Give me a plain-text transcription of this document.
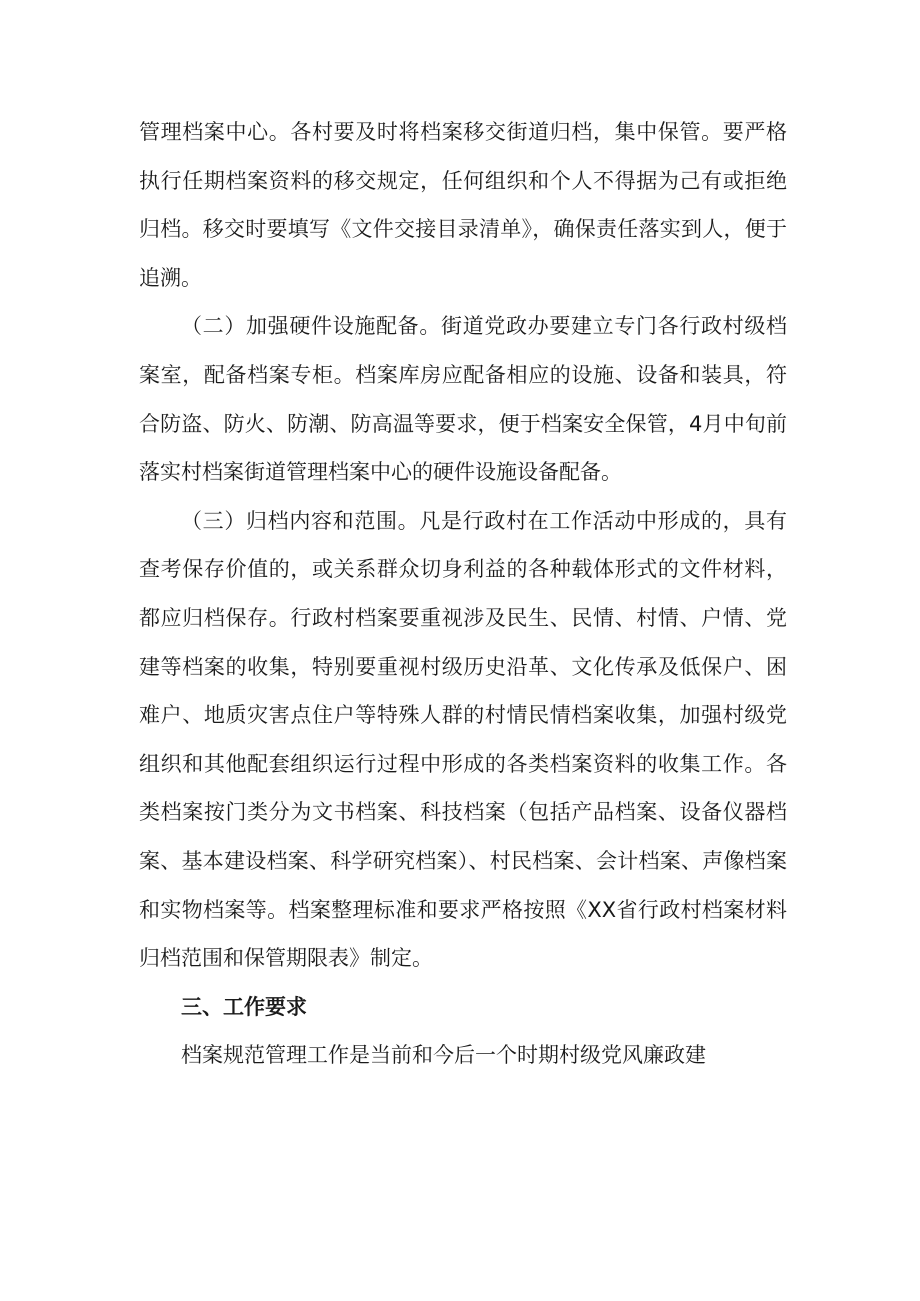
管理档案中心。各村要及时将档案移交街道归档，集中保管。要严格执行任期档案资料的移交规定，任何组织和个人不得据为己有或拒绝归档。移交时要填写《文件交接目录清单》，确保责任落实到人，便于追溯。

（二）加强硬件设施配备。街道党政办要建立专门各行政村级档案室，配备档案专柜。档案库房应配备相应的设施、设备和装具，符合防盗、防火、防潮、防高温等要求，便于档案安全保管，4月中旬前落实村档案街道管理档案中心的硬件设施设备配备。

（三）归档内容和范围。凡是行政村在工作活动中形成的，具有查考保存价值的，或关系群众切身利益的各种载体形式的文件材料，都应归档保存。行政村档案要重视涉及民生、民情、村情、户情、党建等档案的收集，特别要重视村级历史沿革、文化传承及低保户、困难户、地质灾害点住户等特殊人群的村情民情档案收集，加强村级党组织和其他配套组织运行过程中形成的各类档案资料的收集工作。各类档案按门类分为文书档案、科技档案（包括产品档案、设备仪器档案、基本建设档案、科学研究档案）、村民档案、会计档案、声像档案和实物档案等。档案整理标准和要求严格按照《XX省行政村档案材料归档范围和保管期限表》制定。

三、工作要求

档案规范管理工作是当前和今后一个时期村级党风廉政建
